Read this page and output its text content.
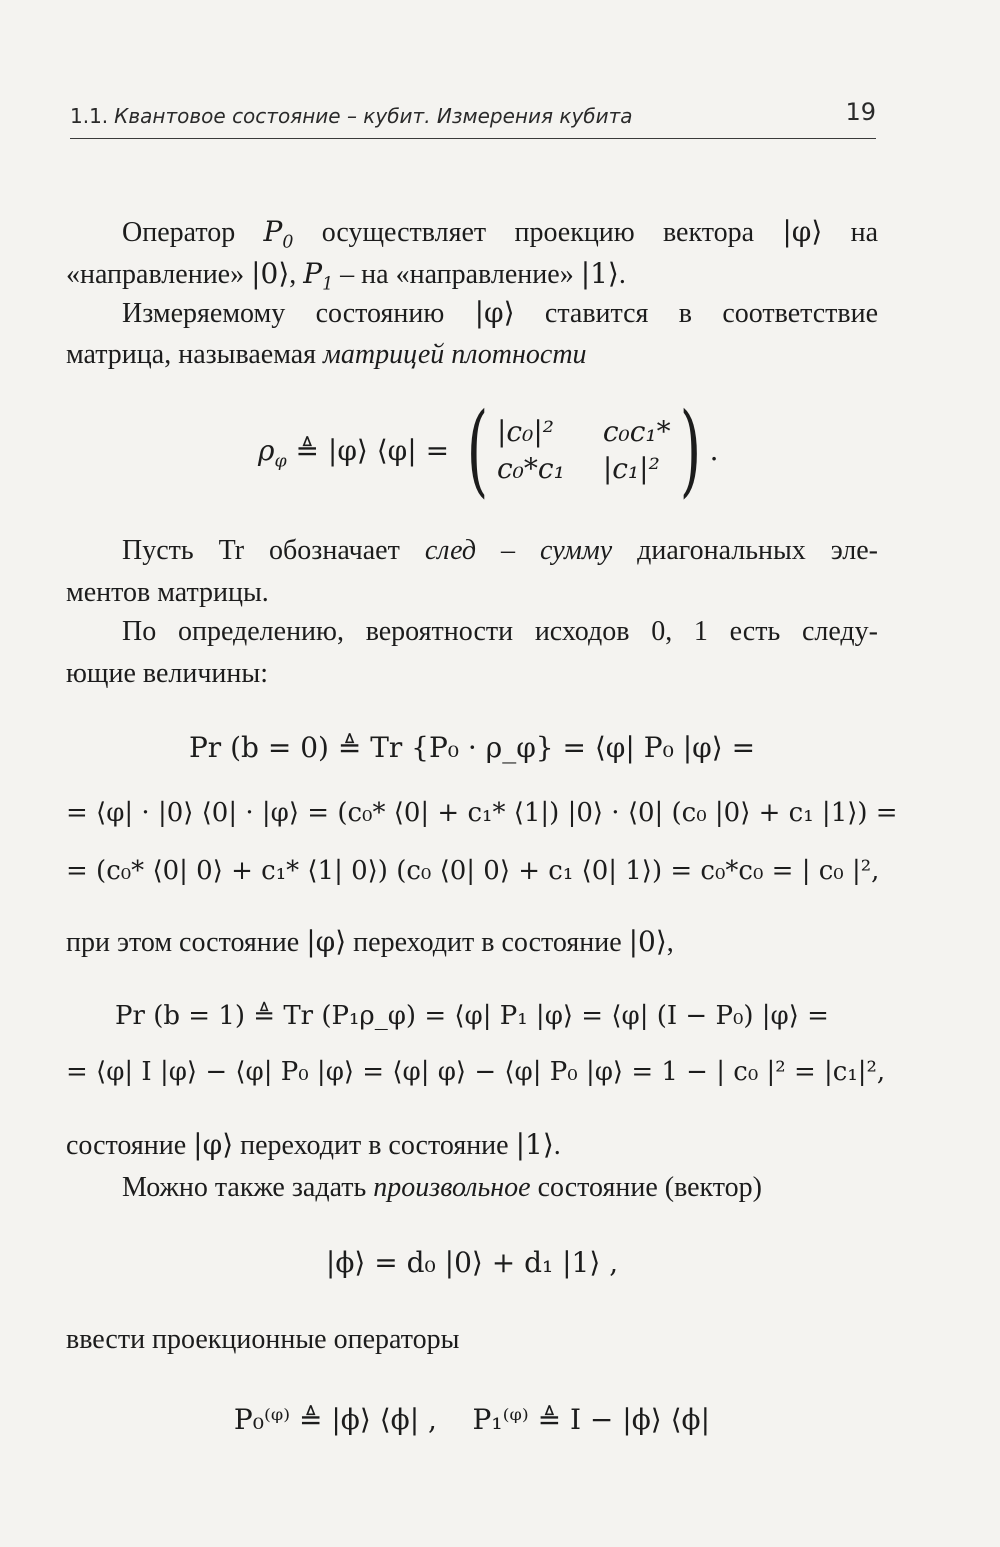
1.1. Квантовое состояние – кубит. Измерения кубита	19
Оператор $P_0$ осуществляет проекцию вектора |φ⟩ на
«направление» |0⟩, $P_1$ – на «направление» |1⟩.
Измеряемому состоянию |φ⟩ ставится в соответствие
матрица, называемая матрицей плотности
$\rho_\varphi$ ≜ |φ⟩ ⟨φ| = ( |c₀|²	c₀c₁*
c₀*c₁ |c₁|² ) .
Пусть Tr обозначает след – сумму диагональных эле-
ментов матрицы.
По определению, вероятности исходов 0, 1 есть следу-
ющие величины:
Pr (b = 0) ≜ Tr {P₀ · ρ_φ} = ⟨φ| P₀ |φ⟩ =
= ⟨φ| · |0⟩ ⟨0| · |φ⟩ = (c₀* ⟨0| + c₁* ⟨1|) |0⟩ · ⟨0| (c₀ |0⟩ + c₁ |1⟩) =
= (c₀* ⟨0| 0⟩ + c₁* ⟨1| 0⟩) (c₀ ⟨0| 0⟩ + c₁ ⟨0| 1⟩) = c₀*c₀ = | c₀ |²,
при этом состояние |φ⟩ переходит в состояние |0⟩,
Pr (b = 1) ≜ Tr (P₁ρ_φ) = ⟨φ| P₁ |φ⟩ = ⟨φ| (I − P₀) |φ⟩ =
= ⟨φ| I |φ⟩ − ⟨φ| P₀ |φ⟩ = ⟨φ| φ⟩ − ⟨φ| P₀ |φ⟩ = 1 − | c₀ |² = |c₁|²,
состояние |φ⟩ переходит в состояние |1⟩.
Можно также задать произвольное состояние (вектор)
|ϕ⟩ = d₀ |0⟩ + d₁ |1⟩ ,
ввести проекционные операторы
P₀⁽ᵠ⁾ ≜ |ϕ⟩ ⟨ϕ| ,    P₁⁽ᵠ⁾ ≜ I − |ϕ⟩ ⟨ϕ|
